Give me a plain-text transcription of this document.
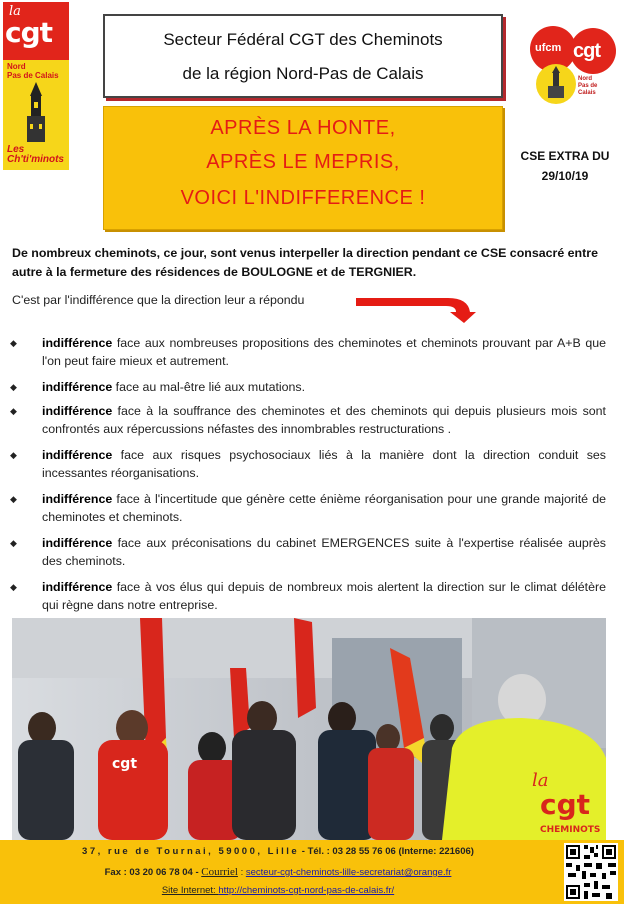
la
cgt
Nord
Pas de Calais
Les
Ch'ti'minots
Secteur Fédéral CGT des Cheminots
de la région Nord-Pas de Calais
ufcm cgt
Nord
Pas de Calais
APRÈS LA HONTE,
APRÈS LE MEPRIS,
VOICI L'INDIFFERENCE !
CSE EXTRA DU
29/10/19

De nombreux cheminots, ce jour, sont venus interpeller la direction pendant ce CSE consacré entre autre à la fermeture des résidences de BOULOGNE et de TERGNIER.

C'est par l'indifférence que la direction leur a répondu

◆ indifférence face aux nombreuses propositions des cheminotes et cheminots prouvant par A+B que l'on peut faire mieux et autrement.
◆ indifférence face au mal-être lié aux mutations.
◆ indifférence face à la souffrance des cheminotes et des cheminots qui depuis plusieurs mois sont confrontés aux répercussions néfastes des innombrables restructurations .
◆ indifférence face aux risques psychosociaux liés à la manière dont la direction conduit ses incessantes réorganisations.
◆ indifférence face à l'incertitude que génère cette énième réorganisation pour une grande majorité de cheminotes et cheminots.
◆ indifférence face aux préconisations du cabinet EMERGENCES suite à l'expertise réalisée auprès des cheminots.
◆ indifférence face à vos élus qui depuis de nombreux mois alertent la direction sur le climat délétère qui règne dans notre entreprise.
la
cgt
CHEMINOTS
cgt
37, rue de Tournai, 59000, Lille - Tél. : 03 28 55 76 06 (Interne: 221606)
Fax : 03 20 06 78 04 - Courriel : secteur-cgt-cheminots-lille-secretariat@orange.fr
Site Internet: http://cheminots-cgt-nord-pas-de-calais.fr/
